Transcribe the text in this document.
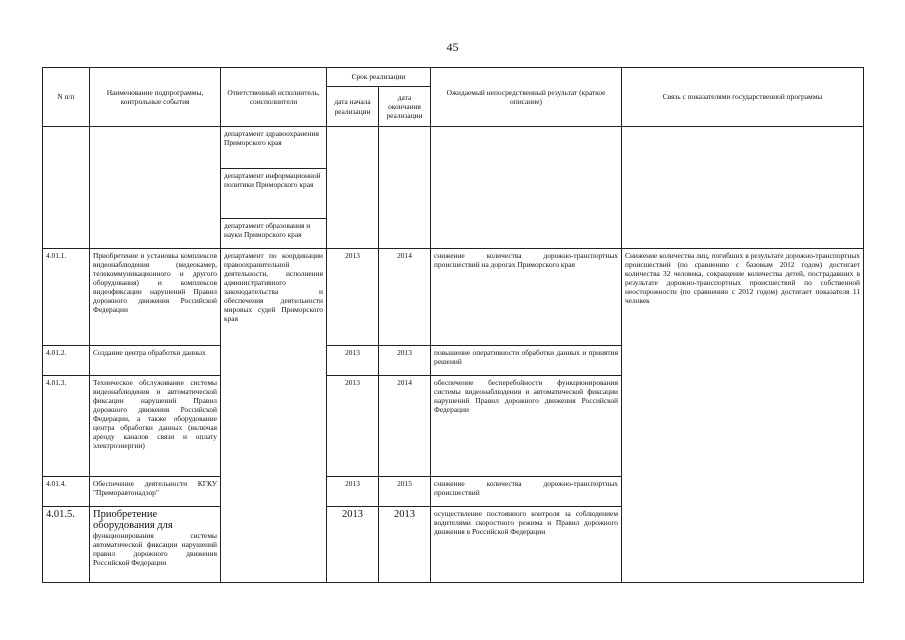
45
N п/п	Наименование подпрограммы, контрольные события	Ответственный исполнитель, соисполнители	Срок реализации		Ожидаемый непосредственный результат (краткое описание)	Связь с показателями государственной программы
			дата начала реализации	дата окончания реализации		
		департамент здравоохранения Приморского края				
		департамент информационной политики Приморского края				
		департамент образования и науки Приморского края				
4.01.1.	Приобретение и установка комплексов видеонаблюдения (видеокамер, телекоммуникационного и другого оборудования) и комплексов видеофиксации нарушений Правил дорожного движения Российской Федерации	департамент по координации правоохранительной деятельности, исполнения административного законодательства и обеспечения деятельности мировых судей Приморского края	2013	2014	снижение количества дорожно-транспортных происшествий на дорогах Приморского края	Снижение количества лиц, погибших в результате дорожно-транспортных происшествий (по сравнению с базовым 2012 годом) достигает количества 32 человека, сокращение количества детей, пострадавших в результате дорожно-транспортных происшествий по собственной неосторожности (по сравнению с 2012 годом) достигает показателя 11 человек
4.01.2.	Создание центра обработки данных		2013	2013	повышение оперативности обработки данных и принятия решений	
4.01.3.	Техническое обслуживание системы видеонаблюдения и автоматической фиксации нарушений Правил дорожного движения Российской Федерации, а также оборудование центра обработки данных (включая аренду каналов связи и оплату электроэнергии)		2013	2014	обеспечение бесперебойности функционирования системы видеонаблюдения и автоматической фиксации нарушений Правил дорожного движения Российской Федерации	
4.01.4.	Обеспечение деятельности КГКУ "Приморавтонадзор"		2013	2015	снижение количества дорожно-транспортных происшествий	
4.01.5.	Приобретение оборудования для
функционирования системы автоматической фиксации нарушений правил дорожного движения Российской Федерации		2013	2013	осуществление постоянного контроля за соблюдением водителями скоростного режима и Правил дорожного движения в Российской Федерации	
